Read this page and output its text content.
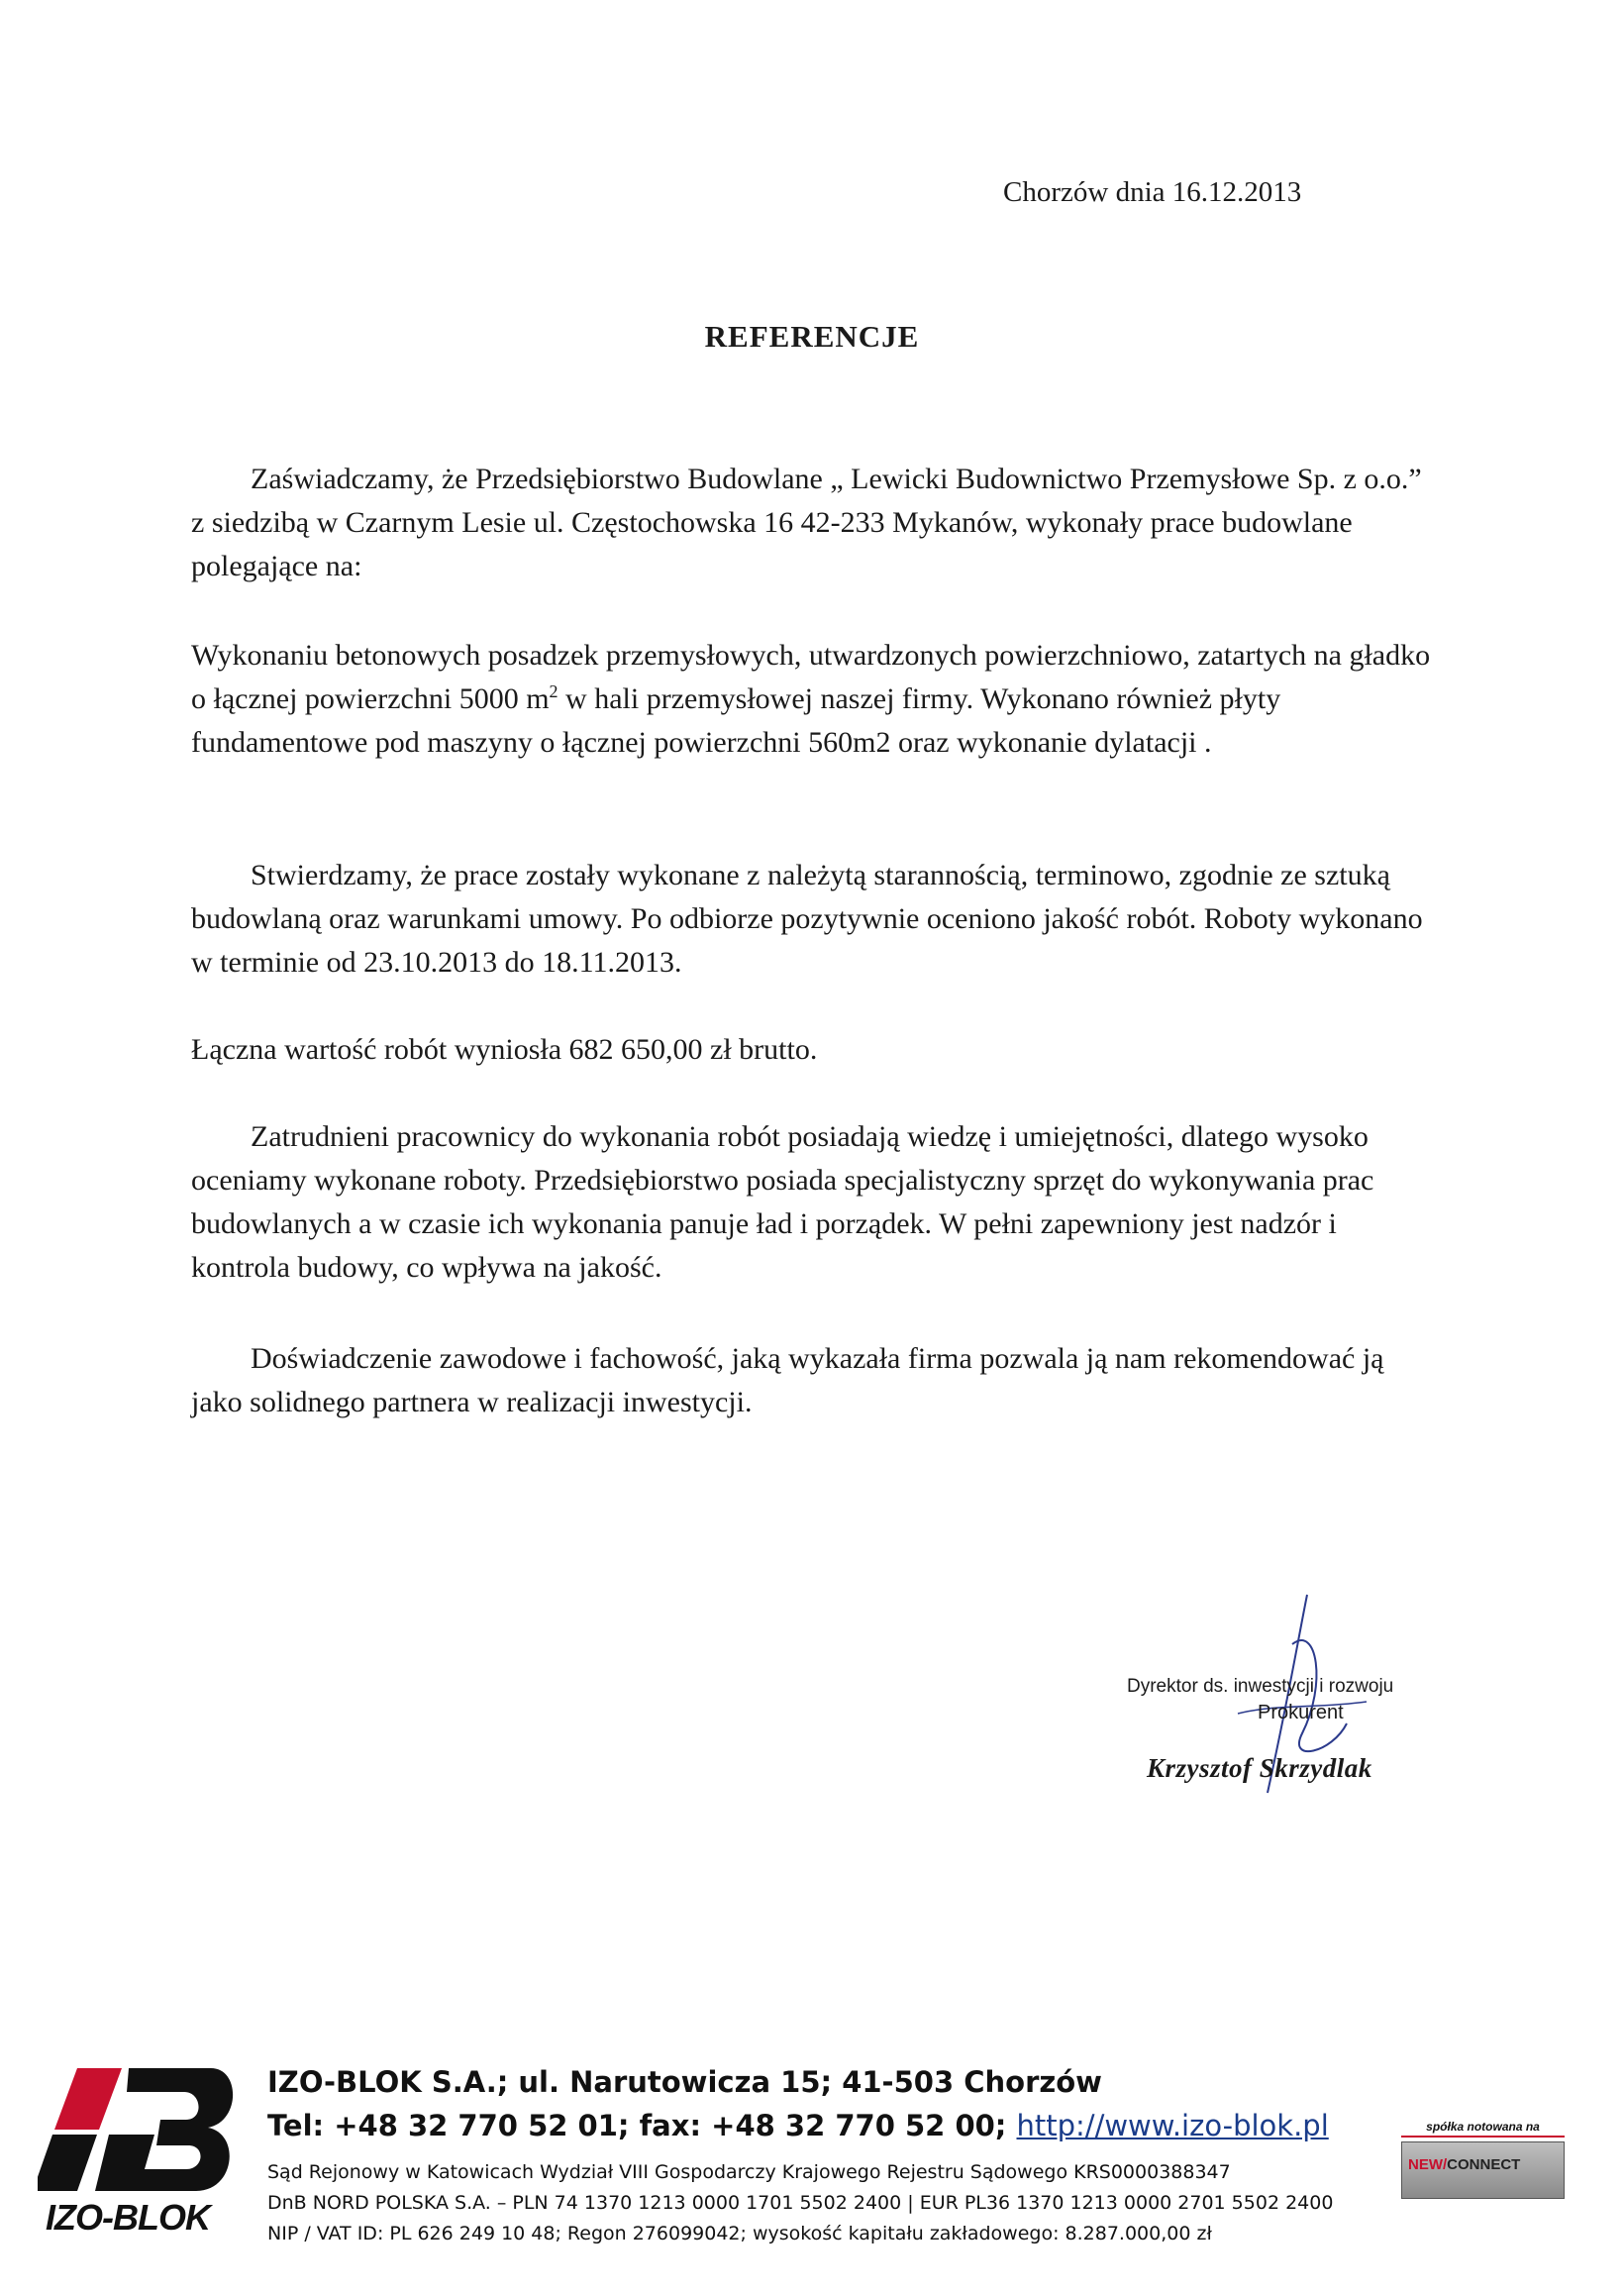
Chorzów dnia 16.12.2013
REFERENCJE

Zaświadczamy, że Przedsiębiorstwo Budowlane „ Lewicki Budownictwo Przemysłowe Sp. z o.o.” z siedzibą w Czarnym Lesie ul. Częstochowska 16 42-233 Mykanów, wykonały prace budowlane polegające na:

Wykonaniu betonowych posadzek przemysłowych, utwardzonych powierzchniowo, zatartych na gładko o łącznej powierzchni 5000 $m^2$ w hali przemysłowej naszej firmy. Wykonano również płyty fundamentowe pod maszyny o łącznej powierzchni 560m2 oraz wykonanie dylatacji .

Stwierdzamy, że prace zostały wykonane z należytą starannością, terminowo, zgodnie ze sztuką budowlaną oraz warunkami umowy. Po odbiorze pozytywnie oceniono jakość robót. Roboty wykonano w terminie od 23.10.2013 do 18.11.2013.

Łączna wartość robót wyniosła 682 650,00 zł brutto.

Zatrudnieni pracownicy do wykonania robót posiadają wiedzę i umiejętności, dlatego wysoko oceniamy wykonane roboty. Przedsiębiorstwo posiada specjalistyczny sprzęt do wykonywania prac budowlanych a w czasie ich wykonania panuje ład i porządek. W pełni zapewniony jest nadzór i kontrola budowy, co wpływa na jakość.

Doświadczenie zawodowe i fachowość, jaką wykazała firma pozwala ją nam rekomendować ją jako solidnego partnera w realizacji inwestycji.

Dyrektor ds. inwestycji i rozwoju
Prokurent
Krzysztof Skrzydlak
IZO-BLOK
IZO-BLOK S.A.; ul. Narutowicza 15; 41-503 Chorzów
Tel: +48 32 770 52 01; fax: +48 32 770 52 00; http://www.izo-blok.pl
Sąd Rejonowy w Katowicach Wydział VIII Gospodarczy Krajowego Rejestru Sądowego KRS0000388347
DnB NORD POLSKA S.A. – PLN 74 1370 1213 0000 1701 5502 2400 | EUR PL36 1370 1213 0000 2701 5502 2400
NIP / VAT ID: PL 626 249 10 48; Regon 276099042; wysokość kapitału zakładowego: 8.287.000,00 zł
spółka notowana na
NEW/CONNECT
